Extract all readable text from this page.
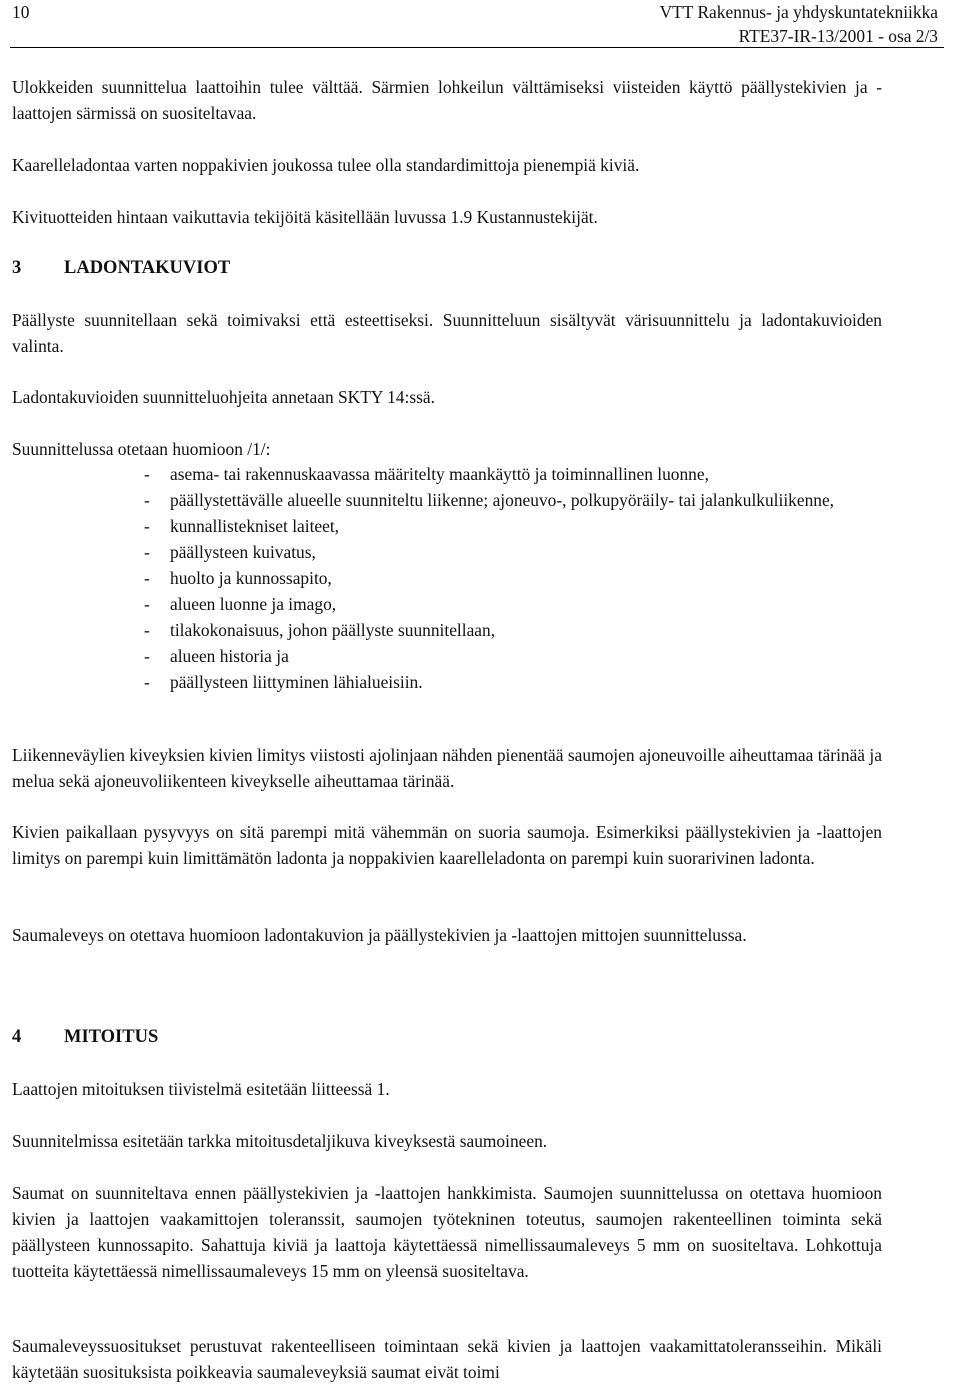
10	VTT Rakennus- ja yhdyskuntatekniikka
RTE37-IR-13/2001 - osa 2/3

Ulokkeiden suunnittelua laattoihin tulee välttää. Särmien lohkeilun välttämiseksi viisteiden käyttö päällystekivien ja -laattojen särmissä on suositeltavaa.

Kaarelleladontaa varten noppakivien joukossa tulee olla standardimittoja pienempiä kiviä.

Kivituotteiden hintaan vaikuttavia tekijöitä käsitellään luvussa 1.9 Kustannustekijät.

3 LADONTAKUVIOT

Päällyste suunnitellaan sekä toimivaksi että esteettiseksi. Suunnitteluun sisältyvät värisuunnittelu ja ladontakuvioiden valinta.

Ladontakuvioiden suunnitteluohjeita annetaan SKTY 14:ssä.

Suunnittelussa otetaan huomioon /1/:

- asema- tai rakennuskaavassa määritelty maankäyttö ja toiminnallinen luonne,
- päällystettävälle alueelle suunniteltu liikenne; ajoneuvo-, polkupyöräily- tai jalankulkuliikenne,
- kunnallistekniset laiteet,
- päällysteen kuivatus,
- huolto ja kunnossapito,
- alueen luonne ja imago,
- tilakokonaisuus, johon päällyste suunnitellaan,
- alueen historia ja
- päällysteen liittyminen lähialueisiin.

Liikenneväylien kiveyksien kivien limitys viistosti ajolinjaan nähden pienentää saumojen ajoneuvoille aiheuttamaa tärinää ja melua sekä ajoneuvoliikenteen kiveykselle aiheuttamaa tärinää.

Kivien paikallaan pysyvyys on sitä parempi mitä vähemmän on suoria saumoja. Esimerkiksi päällystekivien ja -laattojen limitys on parempi kuin limittämätön ladonta ja noppakivien kaarelleladonta on parempi kuin suorarivinen ladonta.

Saumaleveys on otettava huomioon ladontakuvion ja päällystekivien ja -laattojen mittojen suunnittelussa.

4 MITOITUS

Laattojen mitoituksen tiivistelmä esitetään liitteessä 1.

Suunnitelmissa esitetään tarkka mitoitusdetaljikuva kiveyksestä saumoineen.

Saumat on suunniteltava ennen päällystekivien ja -laattojen hankkimista. Saumojen suunnittelussa on otettava huomioon kivien ja laattojen vaakamittojen toleranssit, saumojen työtekninen toteutus, saumojen rakenteellinen toiminta sekä päällysteen kunnossapito. Sahattuja kiviä ja laattoja käytettäessä nimellissaumaleveys 5 mm on suositeltava. Lohkottuja tuotteita käytettäessä nimellissaumaleveys 15 mm on yleensä suositeltava.

Saumaleveyssuositukset perustuvat rakenteelliseen toimintaan sekä kivien ja laattojen vaakamittatoleransseihin. Mikäli käytetään suosituksista poikkeavia saumaleveyksiä saumat eivät toimi
